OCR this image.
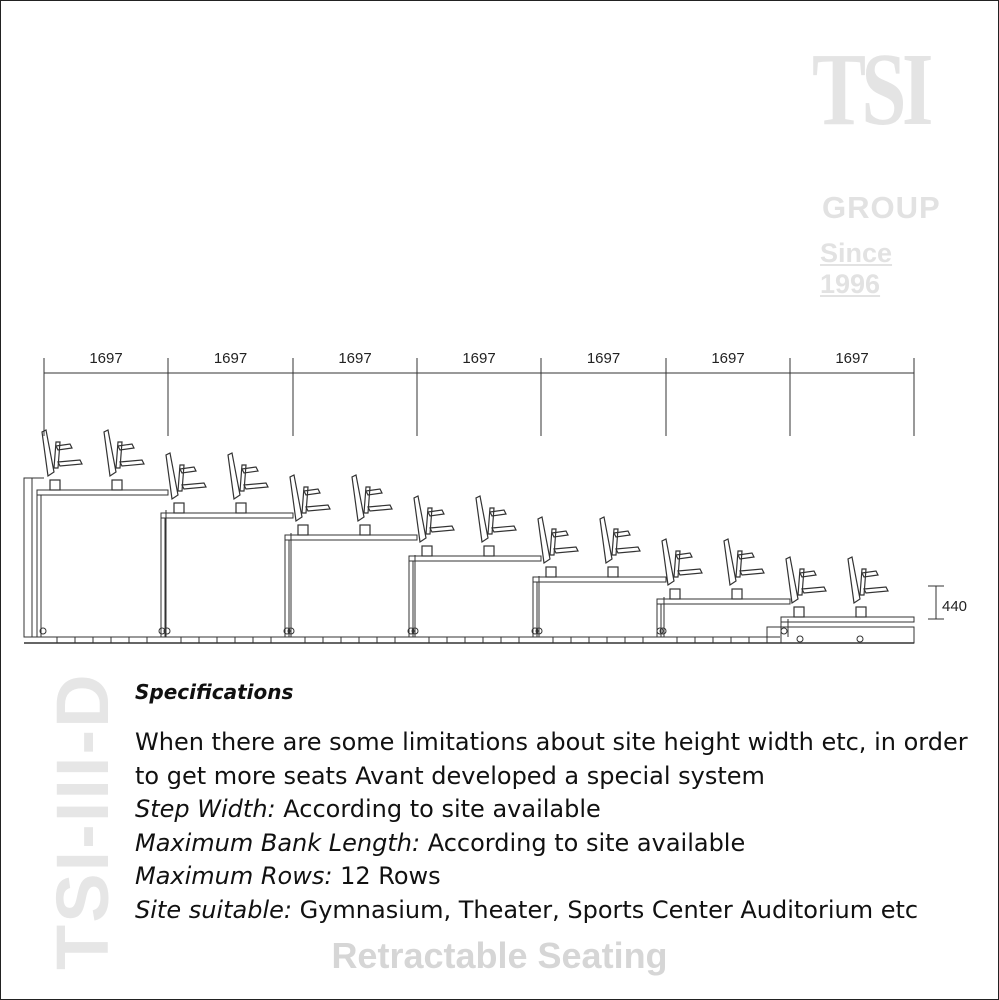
TSI
GROUP
Since 1996
1697	1697	1697	1697	1697	1697	1697
440
TSI-III-D Specifications

When there are some limitations about site height width etc, in order to get more seats Avant developed a special system

Step Width: According to site available

Maximum Bank Length: According to site available

Maximum Rows: 12 Rows

Site suitable: Gymnasium, Theater, Sports Center Auditorium etc

Retractable Seating
